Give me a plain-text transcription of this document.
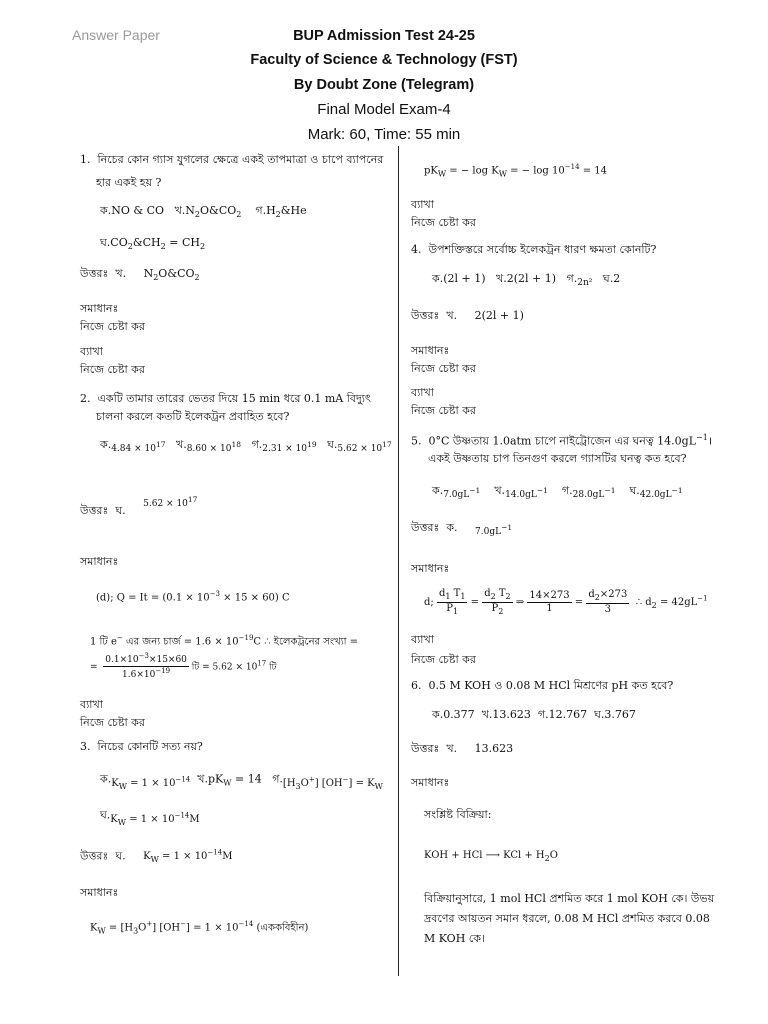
Answer Paper	BUP Admission Test 24-25
Faculty of Science & Technology (FST)
By Doubt Zone (Telegram)
Final Model Exam-4
Mark: 60, Time: 55 min
1. নিচের কোন গ্যাস যুগলের ক্ষেত্রে একই তাপমাত্রা ও চাপে ব্যাপনের
হার একই হয় ?
ক.NO & CO $খ.N_2O\&CO_2$ $গ.H_2\&He$
$ঘ.CO_2\&CH_2 = CH_2$
উত্তরঃ খ. $N_2O\&CO_2$
সমাধানঃ
নিজে চেষ্টা কর
ব্যাখা
নিজে চেষ্টা কর
2. একটি তামার তারের ভেতর দিয়ে 15 min ধরে 0.1 mA বিদ্যুৎ
চালনা করলে কতটি ইলেকট্রন প্রবাহিত হবে?
$ক._{4.84 \times 10^{17}}$ $খ._{8.60 \times 10^{18}}$ $গ._{2.31 \times 10^{19}}$ $ঘ._{5.62 \times 10^{17}}$
উত্তরঃ ঘ. $^{5.62 \times 10^{17}}$
সমাধানঃ
(d); $Q = It = (0.1 \times 10^{-3} \times 15 \times 60)$ C
1 টি e− এর জন্য চার্জ = $1.6 \times 10^{-19}C$ ∴ ইলেকট্রনের সংখ্যা =
= $\frac{0.1\times 10^{-3}\times 15\times 60}{1.6\times 10^{-19}}$ টি = $5.62 \times 10^{17}$ টি
ব্যাখা
নিজে চেষ্টা কর
3. নিচের কোনটি সত্য নয়?
$ক.K_W = 1 \times 10^{-14}$ $খ.pK_W = 14$ $গ.[H_3O^+] [OH^-] = K_W$
$ঘ.K_W = 1 \times 10^{-14}M$
উত্তরঃ ঘ. $K_W = 1 \times 10^{-14}M$
সমাধানঃ
$K_W = [H_3O^+] [OH^-] = 1 \times 10^{-14}$ (এককবিহীন)
$pK_W$ = − $\log K_W$ = − $\log 10^{-14} = 14$
ব্যাখা
নিজে চেষ্টা কর
4. উপশক্তিস্তরে সর্বোচ্চ ইলেকট্রন ধারণ ক্ষমতা কোনটি?
ক.(2l + 1) খ.2(2l + 1) $গ._{2n^2}$ ঘ.2
উত্তরঃ খ. 2(2l + 1)
সমাধানঃ
নিজে চেষ্টা কর
ব্যাখা
নিজে চেষ্টা কর
5. 0°C উষ্ণতায় 1.0atm চাপে নাইট্রোজেন এর ঘনত্ব $14.0gL^{-1}।$
একই উষ্ণতায় চাপ তিনগুণ করলে গ্যাসটির ঘনত্ব কত হবে?
$ক._{7.0gL^{-1}}$ $খ._{14.0gL^{-1}}$ $গ._{28.0gL^{-1}}$ $ঘ._{42.0gL^{-1}}$
উত্তরঃ ক. $_{7.0gL^{-1}}$
সমাধানঃ
d; $\frac{d_1 T_1}{P_1} = \frac{d_2 T_2}{P_2}$ ⇒ $\frac{14\times 273}{1} = \frac{d_2\times 273}{3}$ ∴ $d_2 = 42gL^{-1}$
ব্যাখা
নিজে চেষ্টা কর
6. 0.5 M KOH ও 0.08 M HCl মিশ্রণের pH কত হবে?
ক.0.377 খ.13.623 গ.12.767 ঘ.3.767
উত্তরঃ খ. 13.623
সমাধানঃ
সংশ্লিষ্ট বিক্রিয়া:
KOH + HCl ⟶ KCl + $H_2O$
বিক্রিয়ানুসারে, 1 mol HCl প্রশমিত করে 1 mol KOH কে। উভয়
দ্রবণের আয়তন সমান ধরলে, 0.08 M HCl প্রশমিত করবে 0.08
M KOH কে।
